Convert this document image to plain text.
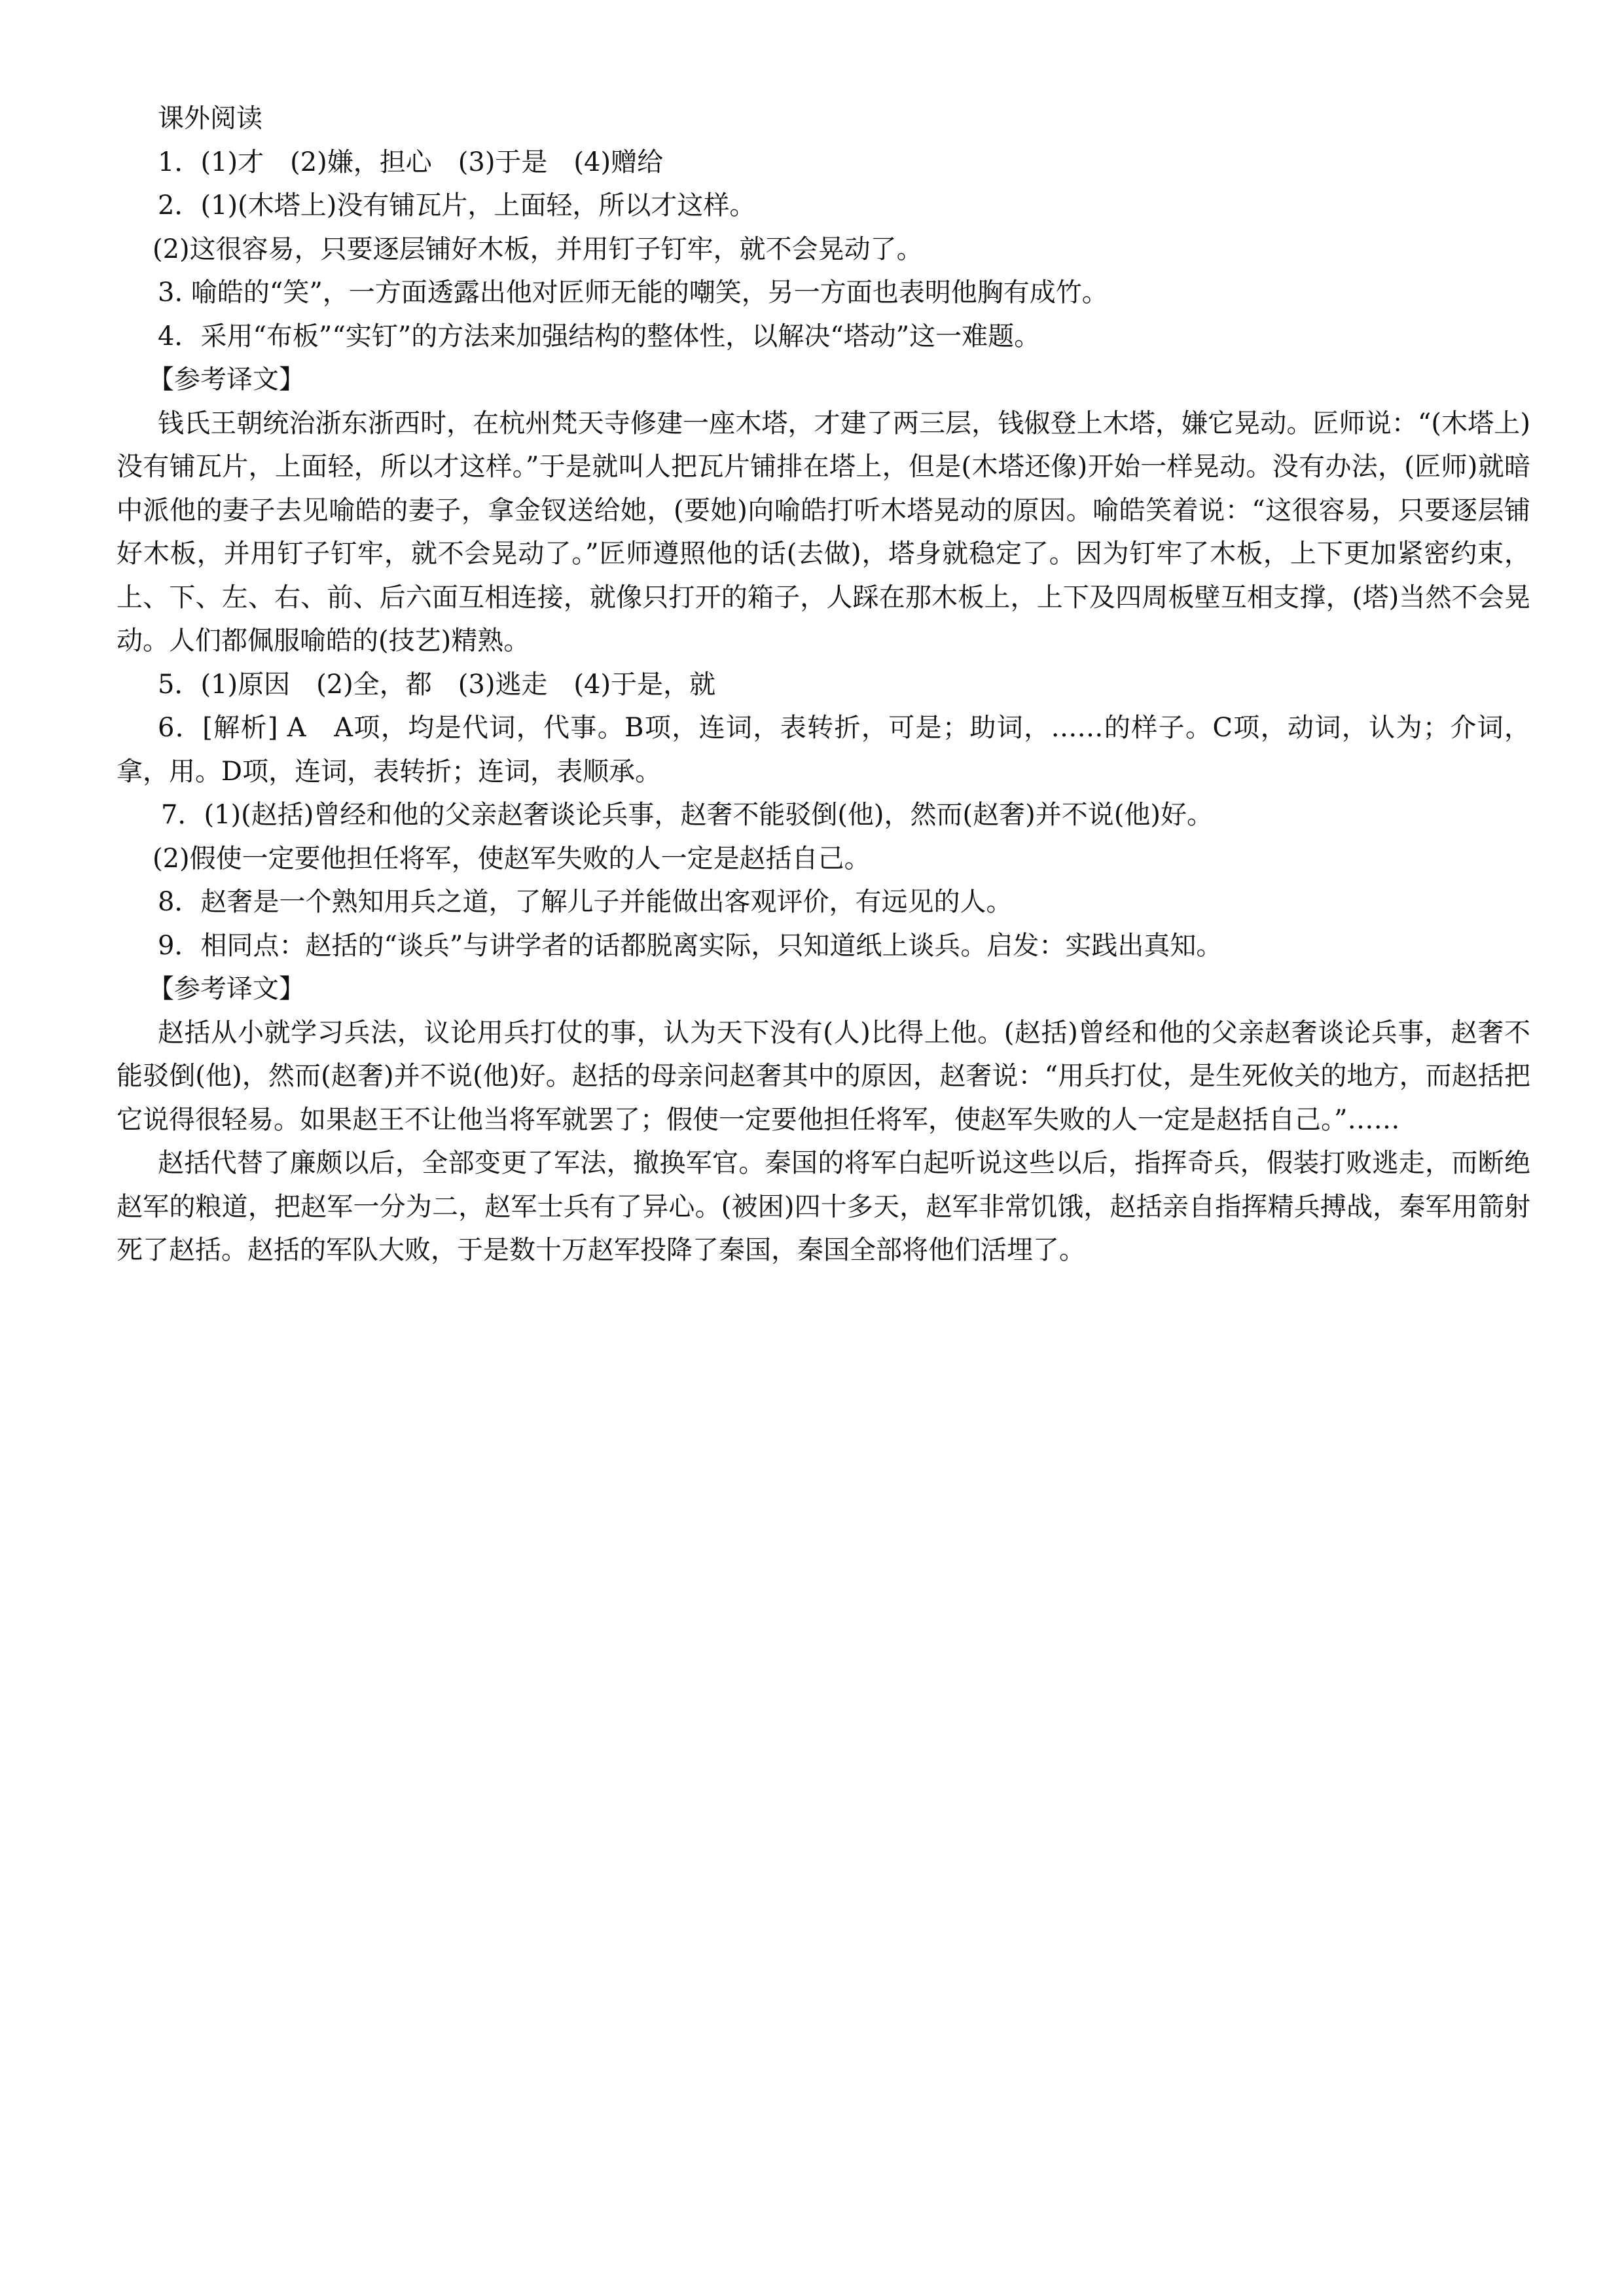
课外阅读

1．(1)才　(2)嫌，担心　(3)于是　(4)赠给

2．(1)(木塔上)没有铺瓦片，上面轻，所以才这样。

(2)这很容易，只要逐层铺好木板，并用钉子钉牢，就不会晃动了。

3. 喻皓的“笑”，一方面透露出他对匠师无能的嘲笑，另一方面也表明他胸有成竹。

4．采用“布板”“实钉”的方法来加强结构的整体性，以解决“塔动”这一难题。

【参考译文】

钱氏王朝统治浙东浙西时，在杭州梵天寺修建一座木塔，才建了两三层，钱俶登上木塔，嫌它晃动。匠师说：“(木塔上)没有铺瓦片，上面轻，所以才这样。”于是就叫人把瓦片铺排在塔上，但是(木塔还像)开始一样晃动。没有办法，(匠师)就暗中派他的妻子去见喻皓的妻子，拿金钗送给她，(要她)向喻皓打听木塔晃动的原因。喻皓笑着说：“这很容易，只要逐层铺好木板，并用钉子钉牢，就不会晃动了。”匠师遵照他的话(去做)，塔身就稳定了。因为钉牢了木板，上下更加紧密约束，上、下、左、右、前、后六面互相连接，就像只打开的箱子，人踩在那木板上，上下及四周板壁互相支撑，(塔)当然不会晃动。人们都佩服喻皓的(技艺)精熟。

5．(1)原因　(2)全，都　(3)逃走　(4)于是，就

6．[解析] A　A项，均是代词，代事。B项，连词，表转折，可是；助词，……的样子。C项，动词，认为；介词，拿，用。D项，连词，表转折；连词，表顺承。

7．(1)(赵括)曾经和他的父亲赵奢谈论兵事，赵奢不能驳倒(他)，然而(赵奢)并不说(他)好。

(2)假使一定要他担任将军，使赵军失败的人一定是赵括自己。

8．赵奢是一个熟知用兵之道，了解儿子并能做出客观评价，有远见的人。

9．相同点：赵括的“谈兵”与讲学者的话都脱离实际，只知道纸上谈兵。启发：实践出真知。

【参考译文】

赵括从小就学习兵法，议论用兵打仗的事，认为天下没有(人)比得上他。(赵括)曾经和他的父亲赵奢谈论兵事，赵奢不能驳倒(他)，然而(赵奢)并不说(他)好。赵括的母亲问赵奢其中的原因，赵奢说：“用兵打仗，是生死攸关的地方，而赵括把它说得很轻易。如果赵王不让他当将军就罢了；假使一定要他担任将军，使赵军失败的人一定是赵括自己。”……

赵括代替了廉颇以后，全部变更了军法，撤换军官。秦国的将军白起听说这些以后，指挥奇兵，假装打败逃走，而断绝赵军的粮道，把赵军一分为二，赵军士兵有了异心。(被困)四十多天，赵军非常饥饿，赵括亲自指挥精兵搏战，秦军用箭射死了赵括。赵括的军队大败，于是数十万赵军投降了秦国，秦国全部将他们活埋了。
